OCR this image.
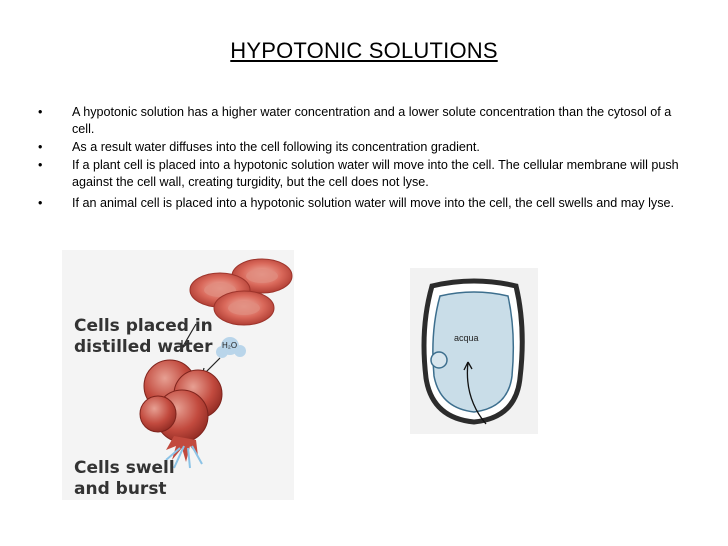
HYPOTONIC SOLUTIONS
• A hypotonic solution has a higher water concentration and a lower solute concentration than the cytosol of a cell.
• As a result water diffuses into the cell following its concentration gradient.
• If a plant cell is placed into a hypotonic solution water will move into the cell. The cellular membrane will push against the cell wall, creating turgidity, but the cell does not lyse.
• If an animal cell is placed into a hypotonic solution water will move into the cell, the cell swells and may lyse.
H₂O
Cells placed in
distilled water
Cells swell
and burst
acqua
